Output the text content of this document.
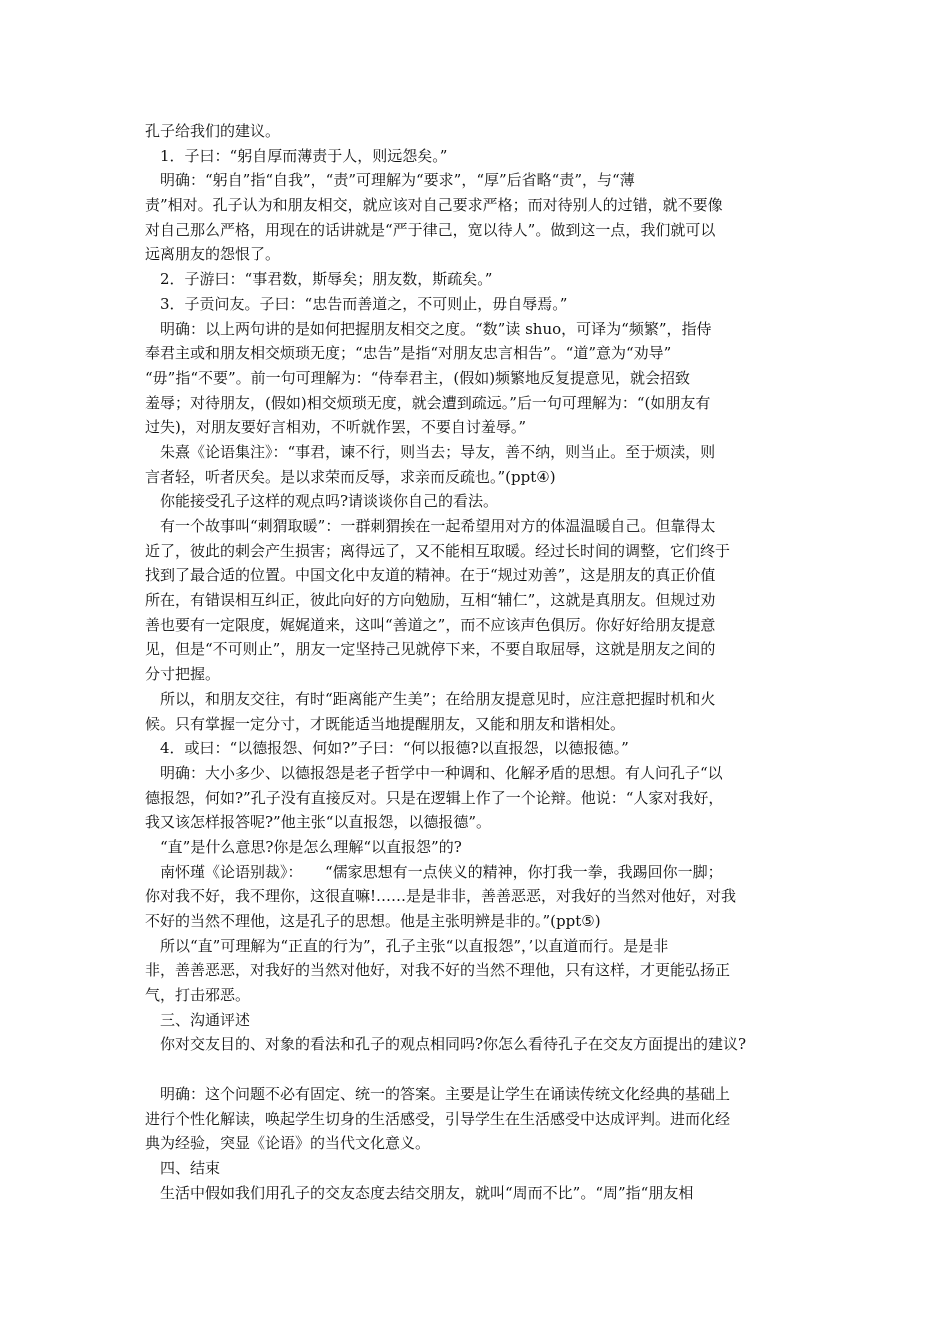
孔子给我们的建议。
1．子曰：“躬自厚而薄责于人，则远怨矣。”
明确：“躬自”指“自我”，“责”可理解为“要求”，“厚”后省略“责”，与“薄
责”相对。孔子认为和朋友相交，就应该对自己要求严格；而对待别人的过错，就不要像
对自己那么严格，用现在的话讲就是“严于律己，宽以待人”。做到这一点，我们就可以
远离朋友的怨恨了。
2．子游曰：“事君数，斯辱矣；朋友数，斯疏矣。”
3．子贡问友。子曰：“忠告而善道之，不可则止，毋自辱焉。”
明确：以上两句讲的是如何把握朋友相交之度。“数”读 shuo，可译为“频繁”，指侍
奉君主或和朋友相交烦琐无度；“忠告”是指“对朋友忠言相告”。“道”意为“劝导”
“毋”指“不要”。前一句可理解为：“侍奉君主，(假如)频繁地反复提意见，就会招致
羞辱；对待朋友，(假如)相交烦琐无度，就会遭到疏远。”后一句可理解为：“(如朋友有
过失)，对朋友要好言相劝，不听就作罢，不要自讨羞辱。”
朱熹《论语集注》：“事君，谏不行，则当去；导友，善不纳，则当止。至于烦渎，则
言者轻，听者厌矣。是以求荣而反辱，求亲而反疏也。”(ppt④)
你能接受孔子这样的观点吗?请谈谈你自己的看法。
有一个故事叫“刺猬取暖”：一群刺猬挨在一起希望用对方的体温温暖自己。但靠得太
近了，彼此的刺会产生损害；离得远了，又不能相互取暖。经过长时间的调整，它们终于
找到了最合适的位置。中国文化中友道的精神。在于“规过劝善”，这是朋友的真正价值
所在，有错误相互纠正，彼此向好的方向勉励，互相“辅仁”，这就是真朋友。但规过劝
善也要有一定限度，娓娓道来，这叫“善道之”，而不应该声色俱厉。你好好给朋友提意
见，但是“不可则止”，朋友一定坚持己见就停下来，不要自取屈辱，这就是朋友之间的
分寸把握。
所以，和朋友交往，有时“距离能产生美”；在给朋友提意见时，应注意把握时机和火
候。只有掌握一定分寸，才既能适当地提醒朋友，又能和朋友和谐相处。
4．或曰：“以德报怨、何如?”子曰：“何以报德?以直报怨，以德报德。”
明确：大小多少、以德报怨是老子哲学中一种调和、化解矛盾的思想。有人问孔子“以
德报怨，何如?”孔子没有直接反对。只是在逻辑上作了一个论辩。他说：“人家对我好，
我又该怎样报答呢?”他主张“以直报怨，以德报德”。
“直”是什么意思?你是怎么理解“以直报怨”的?
南怀瑾《论语别裁》：　　“儒家思想有一点侠义的精神，你打我一拳，我踢回你一脚；
你对我不好，我不理你，这很直嘛!……是是非非，善善恶恶，对我好的当然对他好，对我
不好的当然不理他，这是孔子的思想。他是主张明辨是非的。”(ppt⑤)
所以“直”可理解为“正直的行为”，孔子主张“以直报怨”，’以直道而行。是是非
非，善善恶恶，对我好的当然对他好，对我不好的当然不理他，只有这样，才更能弘扬正
气，打击邪恶。
三、沟通评述
你对交友目的、对象的看法和孔子的观点相同吗?你怎么看待孔子在交友方面提出的建议?
明确：这个问题不必有固定、统一的答案。主要是让学生在诵读传统文化经典的基础上
进行个性化解读，唤起学生切身的生活感受，引导学生在生活感受中达成评判。进而化经
典为经验，突显《论语》的当代文化意义。
四、结束
生活中假如我们用孔子的交友态度去结交朋友，就叫“周而不比”。“周”指“朋友相
